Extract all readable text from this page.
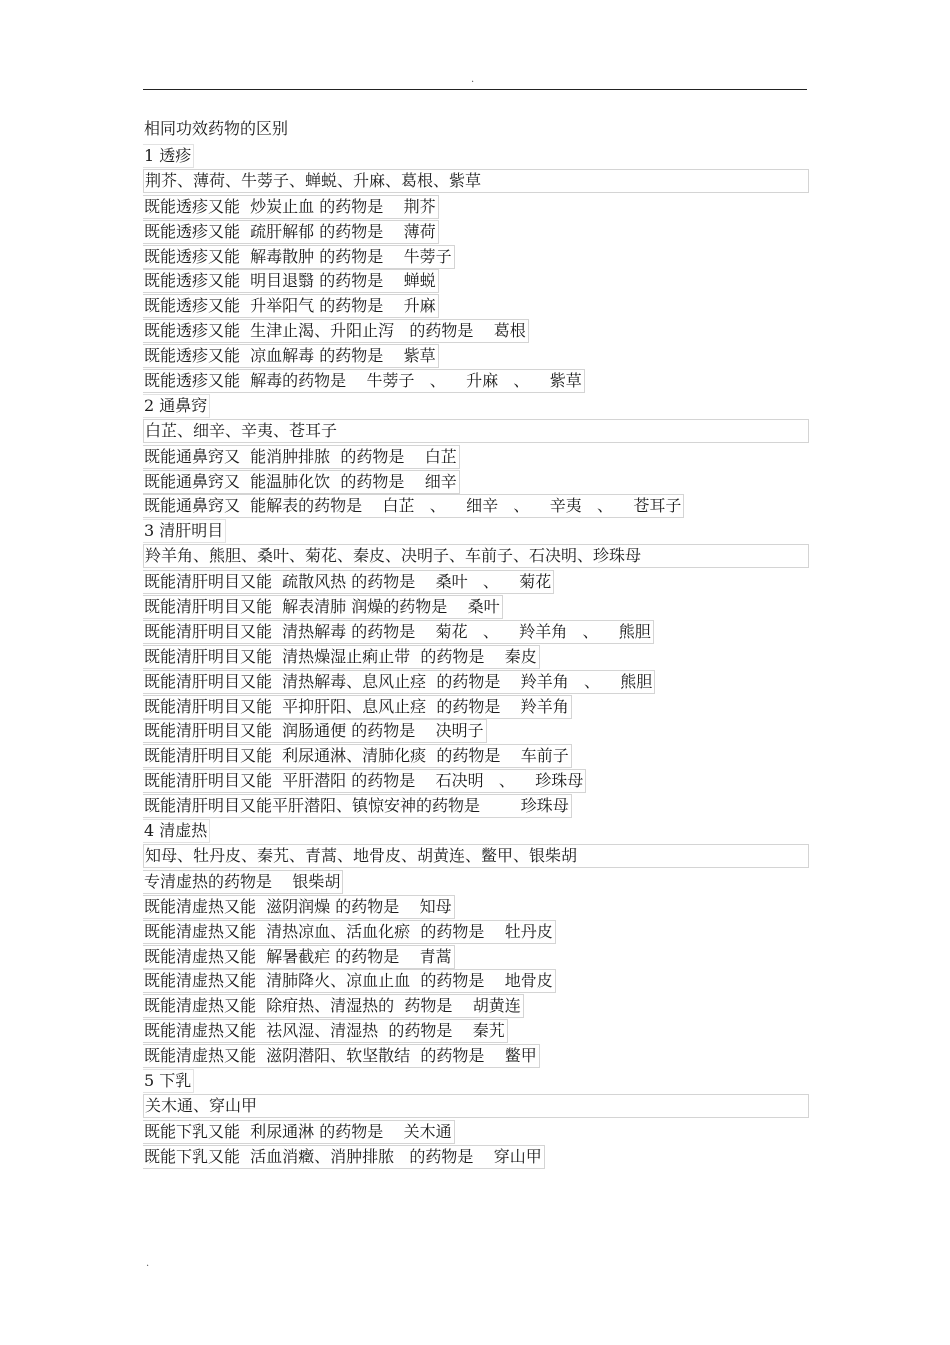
.
相同功效药物的区别
1 透疹
荆芥、薄荷、牛蒡子、蝉蜕、升麻、葛根、紫草
既能透疹又能  炒炭止血 的药物是    荆芥
既能透疹又能  疏肝解郁 的药物是    薄荷
既能透疹又能  解毒散肿 的药物是    牛蒡子
既能透疹又能  明目退翳 的药物是    蝉蜕
既能透疹又能  升举阳气 的药物是    升麻
既能透疹又能  生津止渴、升阳止泻   的药物是    葛根
既能透疹又能  凉血解毒 的药物是    紫草
既能透疹又能  解毒的药物是    牛蒡子   、    升麻   、    紫草
2 通鼻窍
白芷、细辛、辛夷、苍耳子
既能通鼻窍又  能消肿排脓  的药物是    白芷
既能通鼻窍又  能温肺化饮  的药物是    细辛
既能通鼻窍又  能解表的药物是    白芷   、    细辛   、    辛夷   、    苍耳子
3 清肝明目
羚羊角、熊胆、桑叶、菊花、秦皮、决明子、车前子、石决明、珍珠母
既能清肝明目又能  疏散风热 的药物是    桑叶   、    菊花
既能清肝明目又能  解表清肺 润燥的药物是    桑叶
既能清肝明目又能  清热解毒 的药物是    菊花   、    羚羊角   、    熊胆
既能清肝明目又能  清热燥湿止痢止带  的药物是    秦皮
既能清肝明目又能  清热解毒、息风止痉  的药物是    羚羊角   、    熊胆
既能清肝明目又能  平抑肝阳、息风止痉  的药物是    羚羊角
既能清肝明目又能  润肠通便 的药物是    决明子
既能清肝明目又能  利尿通淋、清肺化痰  的药物是    车前子
既能清肝明目又能  平肝潜阳 的药物是    石决明   、    珍珠母
既能清肝明目又能平肝潜阳、镇惊安神的药物是        珍珠母
4 清虚热
知母、牡丹皮、秦艽、青蒿、地骨皮、胡黄连、鳖甲、银柴胡
专清虚热的药物是    银柴胡
既能清虚热又能  滋阴润燥 的药物是    知母
既能清虚热又能  清热凉血、活血化瘀  的药物是    牡丹皮
既能清虚热又能  解暑截疟 的药物是    青蒿
既能清虚热又能  清肺降火、凉血止血  的药物是    地骨皮
既能清虚热又能  除疳热、清湿热的  药物是    胡黄连
既能清虚热又能  祛风湿、清湿热  的药物是    秦艽
既能清虚热又能  滋阴潜阳、软坚散结  的药物是    鳖甲
5 下乳
关木通、穿山甲
既能下乳又能  利尿通淋 的药物是    关木通
既能下乳又能  活血消癥、消肿排脓   的药物是    穿山甲
.
